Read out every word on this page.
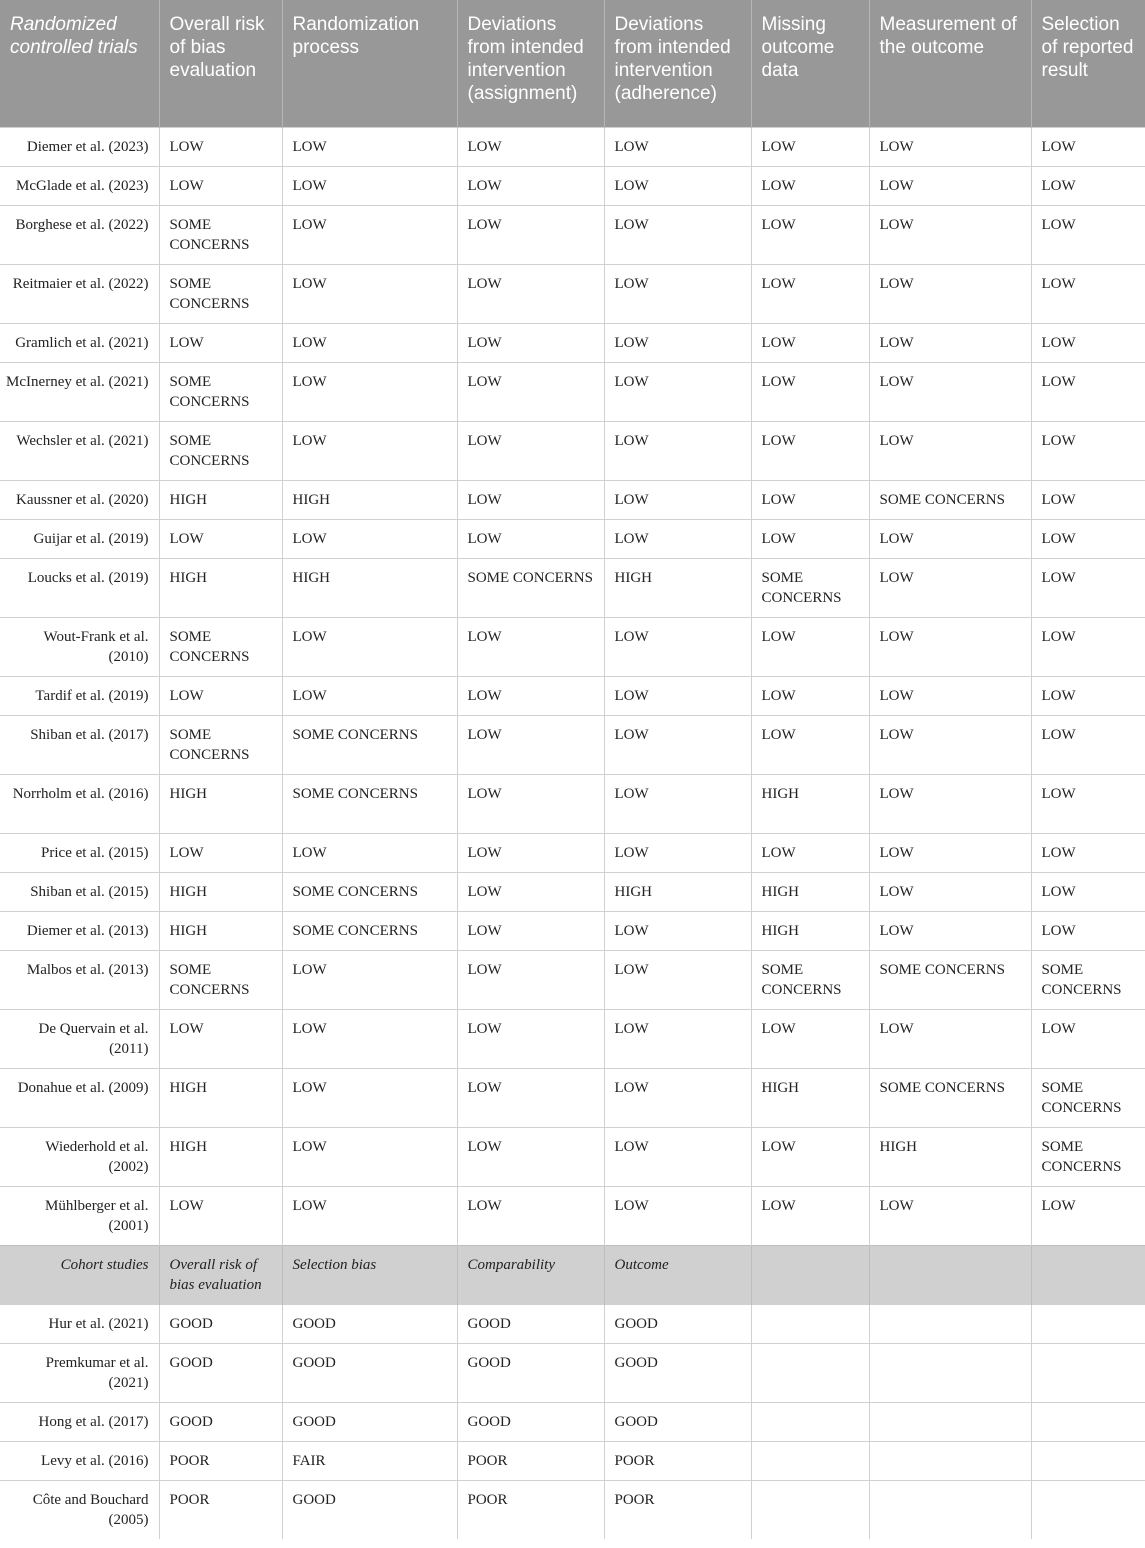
Randomized controlled trials	Overall risk of bias evaluation	Randomization process	Deviations from intended intervention (assignment)	Deviations from intended intervention (adherence)	Missing outcome data	Measurement of the outcome	Selection of reported result
Diemer et al. (2023)	LOW	LOW	LOW	LOW	LOW	LOW	LOW
McGlade et al. (2023)	LOW	LOW	LOW	LOW	LOW	LOW	LOW
Borghese et al. (2022)	SOME CONCERNS	LOW	LOW	LOW	LOW	LOW	LOW
Reitmaier et al. (2022)	SOME CONCERNS	LOW	LOW	LOW	LOW	LOW	LOW
Gramlich et al. (2021)	LOW	LOW	LOW	LOW	LOW	LOW	LOW
McInerney et al. (2021)	SOME CONCERNS	LOW	LOW	LOW	LOW	LOW	LOW
Wechsler et al. (2021)	SOME CONCERNS	LOW	LOW	LOW	LOW	LOW	LOW
Kaussner et al. (2020)	HIGH	HIGH	LOW	LOW	LOW	SOME CONCERNS	LOW
Guijar et al. (2019)	LOW	LOW	LOW	LOW	LOW	LOW	LOW
Loucks et al. (2019)	HIGH	HIGH	SOME CONCERNS	HIGH	SOME CONCERNS	LOW	LOW
Wout-Frank et al. (2010)	SOME CONCERNS	LOW	LOW	LOW	LOW	LOW	LOW
Tardif et al. (2019)	LOW	LOW	LOW	LOW	LOW	LOW	LOW
Shiban et al. (2017)	SOME CONCERNS	SOME CONCERNS	LOW	LOW	LOW	LOW	LOW
Norrholm et al. (2016)	HIGH	SOME CONCERNS	LOW	LOW	HIGH	LOW	LOW
Price et al. (2015)	LOW	LOW	LOW	LOW	LOW	LOW	LOW
Shiban et al. (2015)	HIGH	SOME CONCERNS	LOW	HIGH	HIGH	LOW	LOW
Diemer et al. (2013)	HIGH	SOME CONCERNS	LOW	LOW	HIGH	LOW	LOW
Malbos et al. (2013)	SOME CONCERNS	LOW	LOW	LOW	SOME CONCERNS	SOME CONCERNS	SOME CONCERNS
De Quervain et al. (2011)	LOW	LOW	LOW	LOW	LOW	LOW	LOW
Donahue et al. (2009)	HIGH	LOW	LOW	LOW	HIGH	SOME CONCERNS	SOME CONCERNS
Wiederhold et al. (2002)	HIGH	LOW	LOW	LOW	LOW	HIGH	SOME CONCERNS
Mühlberger et al. (2001)	LOW	LOW	LOW	LOW	LOW	LOW	LOW
Cohort studies	Overall risk of bias evaluation	Selection bias	Comparability	Outcome			
Hur et al. (2021)	GOOD	GOOD	GOOD	GOOD			
Premkumar et al. (2021)	GOOD	GOOD	GOOD	GOOD			
Hong et al. (2017)	GOOD	GOOD	GOOD	GOOD			
Levy et al. (2016)	POOR	FAIR	POOR	POOR			
Côte and Bouchard (2005)	POOR	GOOD	POOR	POOR			
